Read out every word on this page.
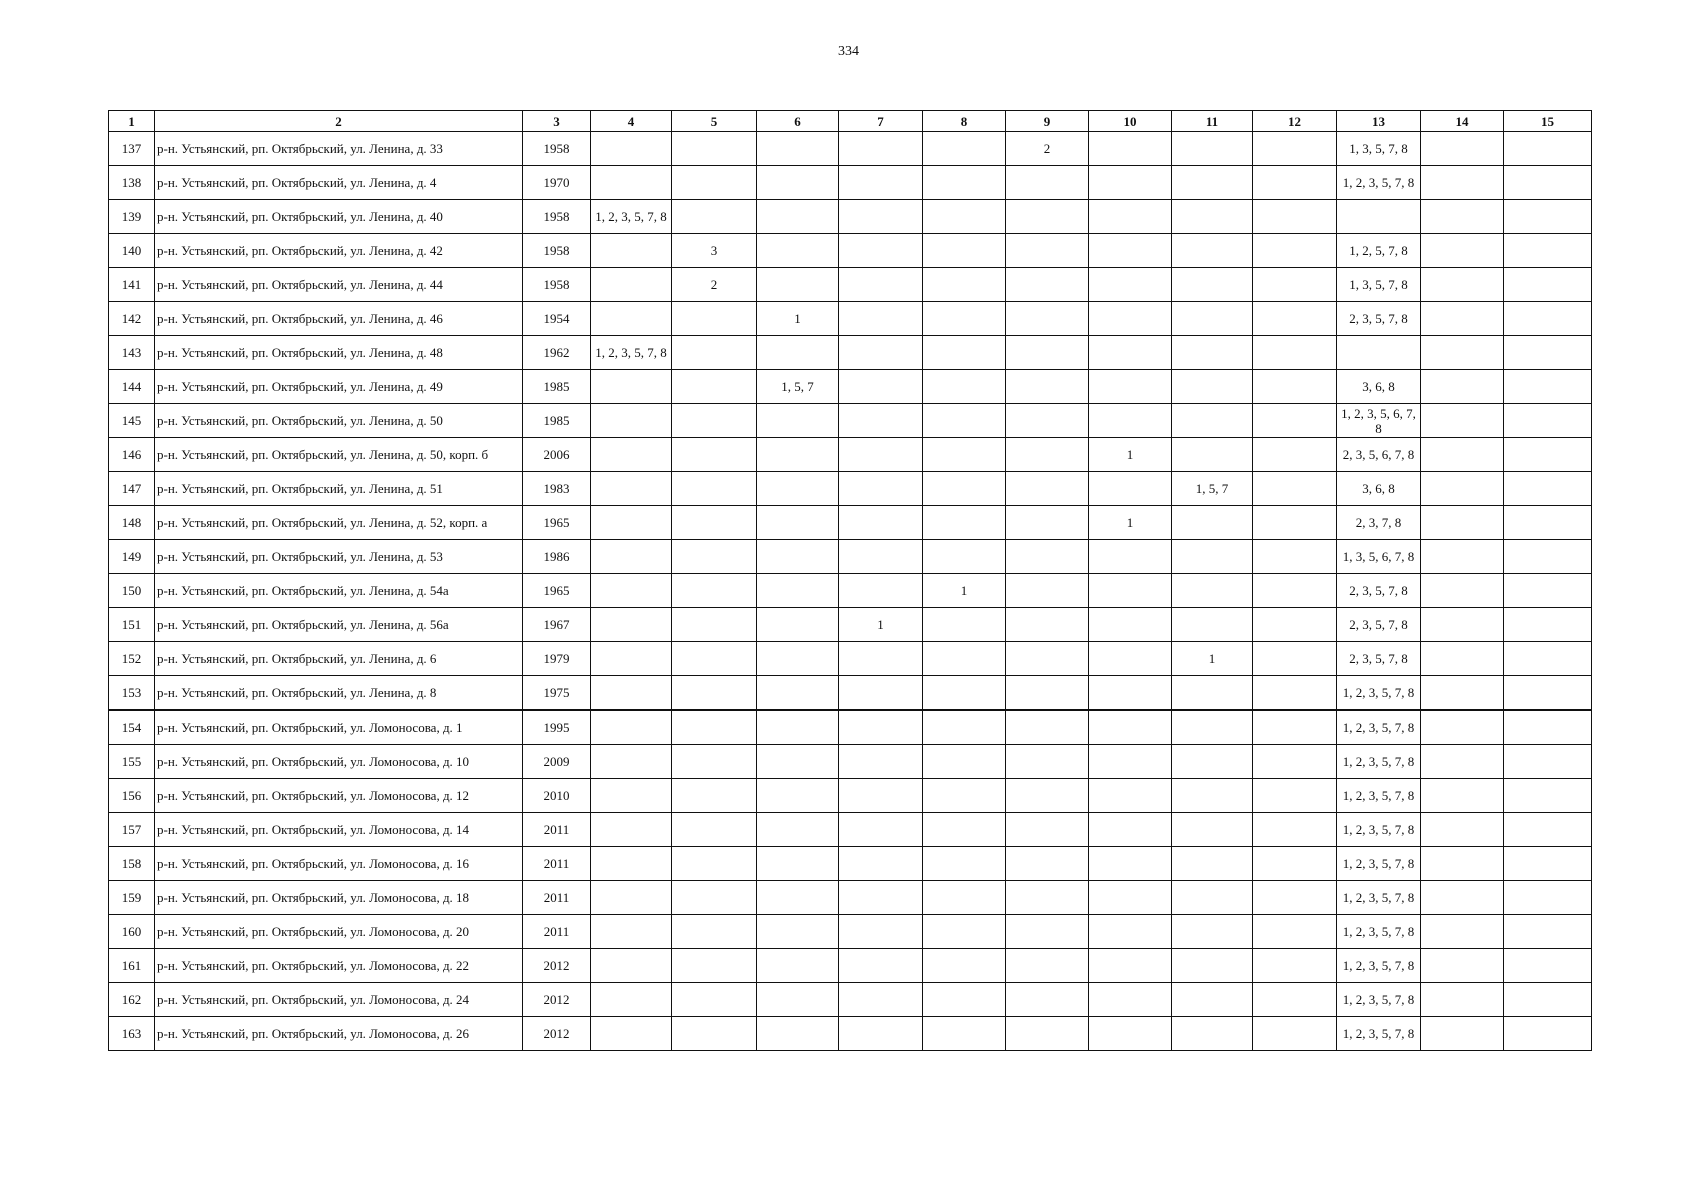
334
1	2	3	4	5	6	7	8	9	10	11	12	13	14	15
137	р-н. Устьянский, рп. Октябрьский, ул. Ленина, д. 33	1958						2				1, 3, 5, 7, 8		
138	р-н. Устьянский, рп. Октябрьский, ул. Ленина, д. 4	1970										1, 2, 3, 5, 7, 8		
139	р-н. Устьянский, рп. Октябрьский, ул. Ленина, д. 40	1958	1, 2, 3, 5, 7, 8											
140	р-н. Устьянский, рп. Октябрьский, ул. Ленина, д. 42	1958		3								1, 2, 5, 7, 8		
141	р-н. Устьянский, рп. Октябрьский, ул. Ленина, д. 44	1958		2								1, 3, 5, 7, 8		
142	р-н. Устьянский, рп. Октябрьский, ул. Ленина, д. 46	1954			1							2, 3, 5, 7, 8		
143	р-н. Устьянский, рп. Октябрьский, ул. Ленина, д. 48	1962	1, 2, 3, 5, 7, 8											
144	р-н. Устьянский, рп. Октябрьский, ул. Ленина, д. 49	1985			1, 5, 7							3, 6, 8		
145	р-н. Устьянский, рп. Октябрьский, ул. Ленина, д. 50	1985										1, 2, 3, 5, 6, 7, 8		
146	р-н. Устьянский, рп. Октябрьский, ул. Ленина, д. 50, корп. б	2006							1			2, 3, 5, 6, 7, 8		
147	р-н. Устьянский, рп. Октябрьский, ул. Ленина, д. 51	1983								1, 5, 7		3, 6, 8		
148	р-н. Устьянский, рп. Октябрьский, ул. Ленина, д. 52, корп. а	1965							1			2, 3, 7, 8		
149	р-н. Устьянский, рп. Октябрьский, ул. Ленина, д. 53	1986										1, 3, 5, 6, 7, 8		
150	р-н. Устьянский, рп. Октябрьский, ул. Ленина, д. 54а	1965					1					2, 3, 5, 7, 8		
151	р-н. Устьянский, рп. Октябрьский, ул. Ленина, д. 56а	1967				1						2, 3, 5, 7, 8		
152	р-н. Устьянский, рп. Октябрьский, ул. Ленина, д. 6	1979								1		2, 3, 5, 7, 8		
153	р-н. Устьянский, рп. Октябрьский, ул. Ленина, д. 8	1975										1, 2, 3, 5, 7, 8		
154	р-н. Устьянский, рп. Октябрьский, ул. Ломоносова, д. 1	1995										1, 2, 3, 5, 7, 8		
155	р-н. Устьянский, рп. Октябрьский, ул. Ломоносова, д. 10	2009										1, 2, 3, 5, 7, 8		
156	р-н. Устьянский, рп. Октябрьский, ул. Ломоносова, д. 12	2010										1, 2, 3, 5, 7, 8		
157	р-н. Устьянский, рп. Октябрьский, ул. Ломоносова, д. 14	2011										1, 2, 3, 5, 7, 8		
158	р-н. Устьянский, рп. Октябрьский, ул. Ломоносова, д. 16	2011										1, 2, 3, 5, 7, 8		
159	р-н. Устьянский, рп. Октябрьский, ул. Ломоносова, д. 18	2011										1, 2, 3, 5, 7, 8		
160	р-н. Устьянский, рп. Октябрьский, ул. Ломоносова, д. 20	2011										1, 2, 3, 5, 7, 8		
161	р-н. Устьянский, рп. Октябрьский, ул. Ломоносова, д. 22	2012										1, 2, 3, 5, 7, 8		
162	р-н. Устьянский, рп. Октябрьский, ул. Ломоносова, д. 24	2012										1, 2, 3, 5, 7, 8		
163	р-н. Устьянский, рп. Октябрьский, ул. Ломоносова, д. 26	2012										1, 2, 3, 5, 7, 8		
